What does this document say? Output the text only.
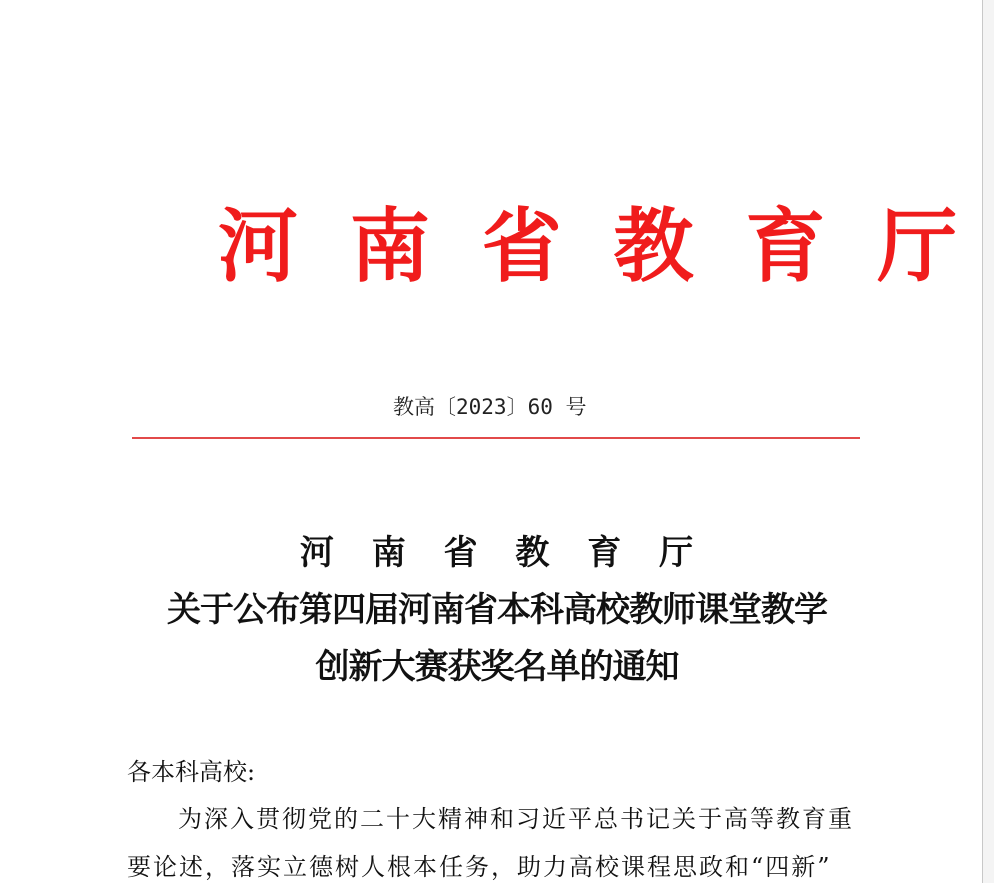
河 南 省 教 育 厅
教高〔2023〕60 号
河 南 省 教 育 厅
关于公布第四届河南省本科高校教师课堂教学
创新大赛获奖名单的通知
各本科高校:
为深入贯彻党的二十大精神和习近平总书记关于高等教育重
要论述，落实立德树人根本任务，助力高校课程思政和“四新”
